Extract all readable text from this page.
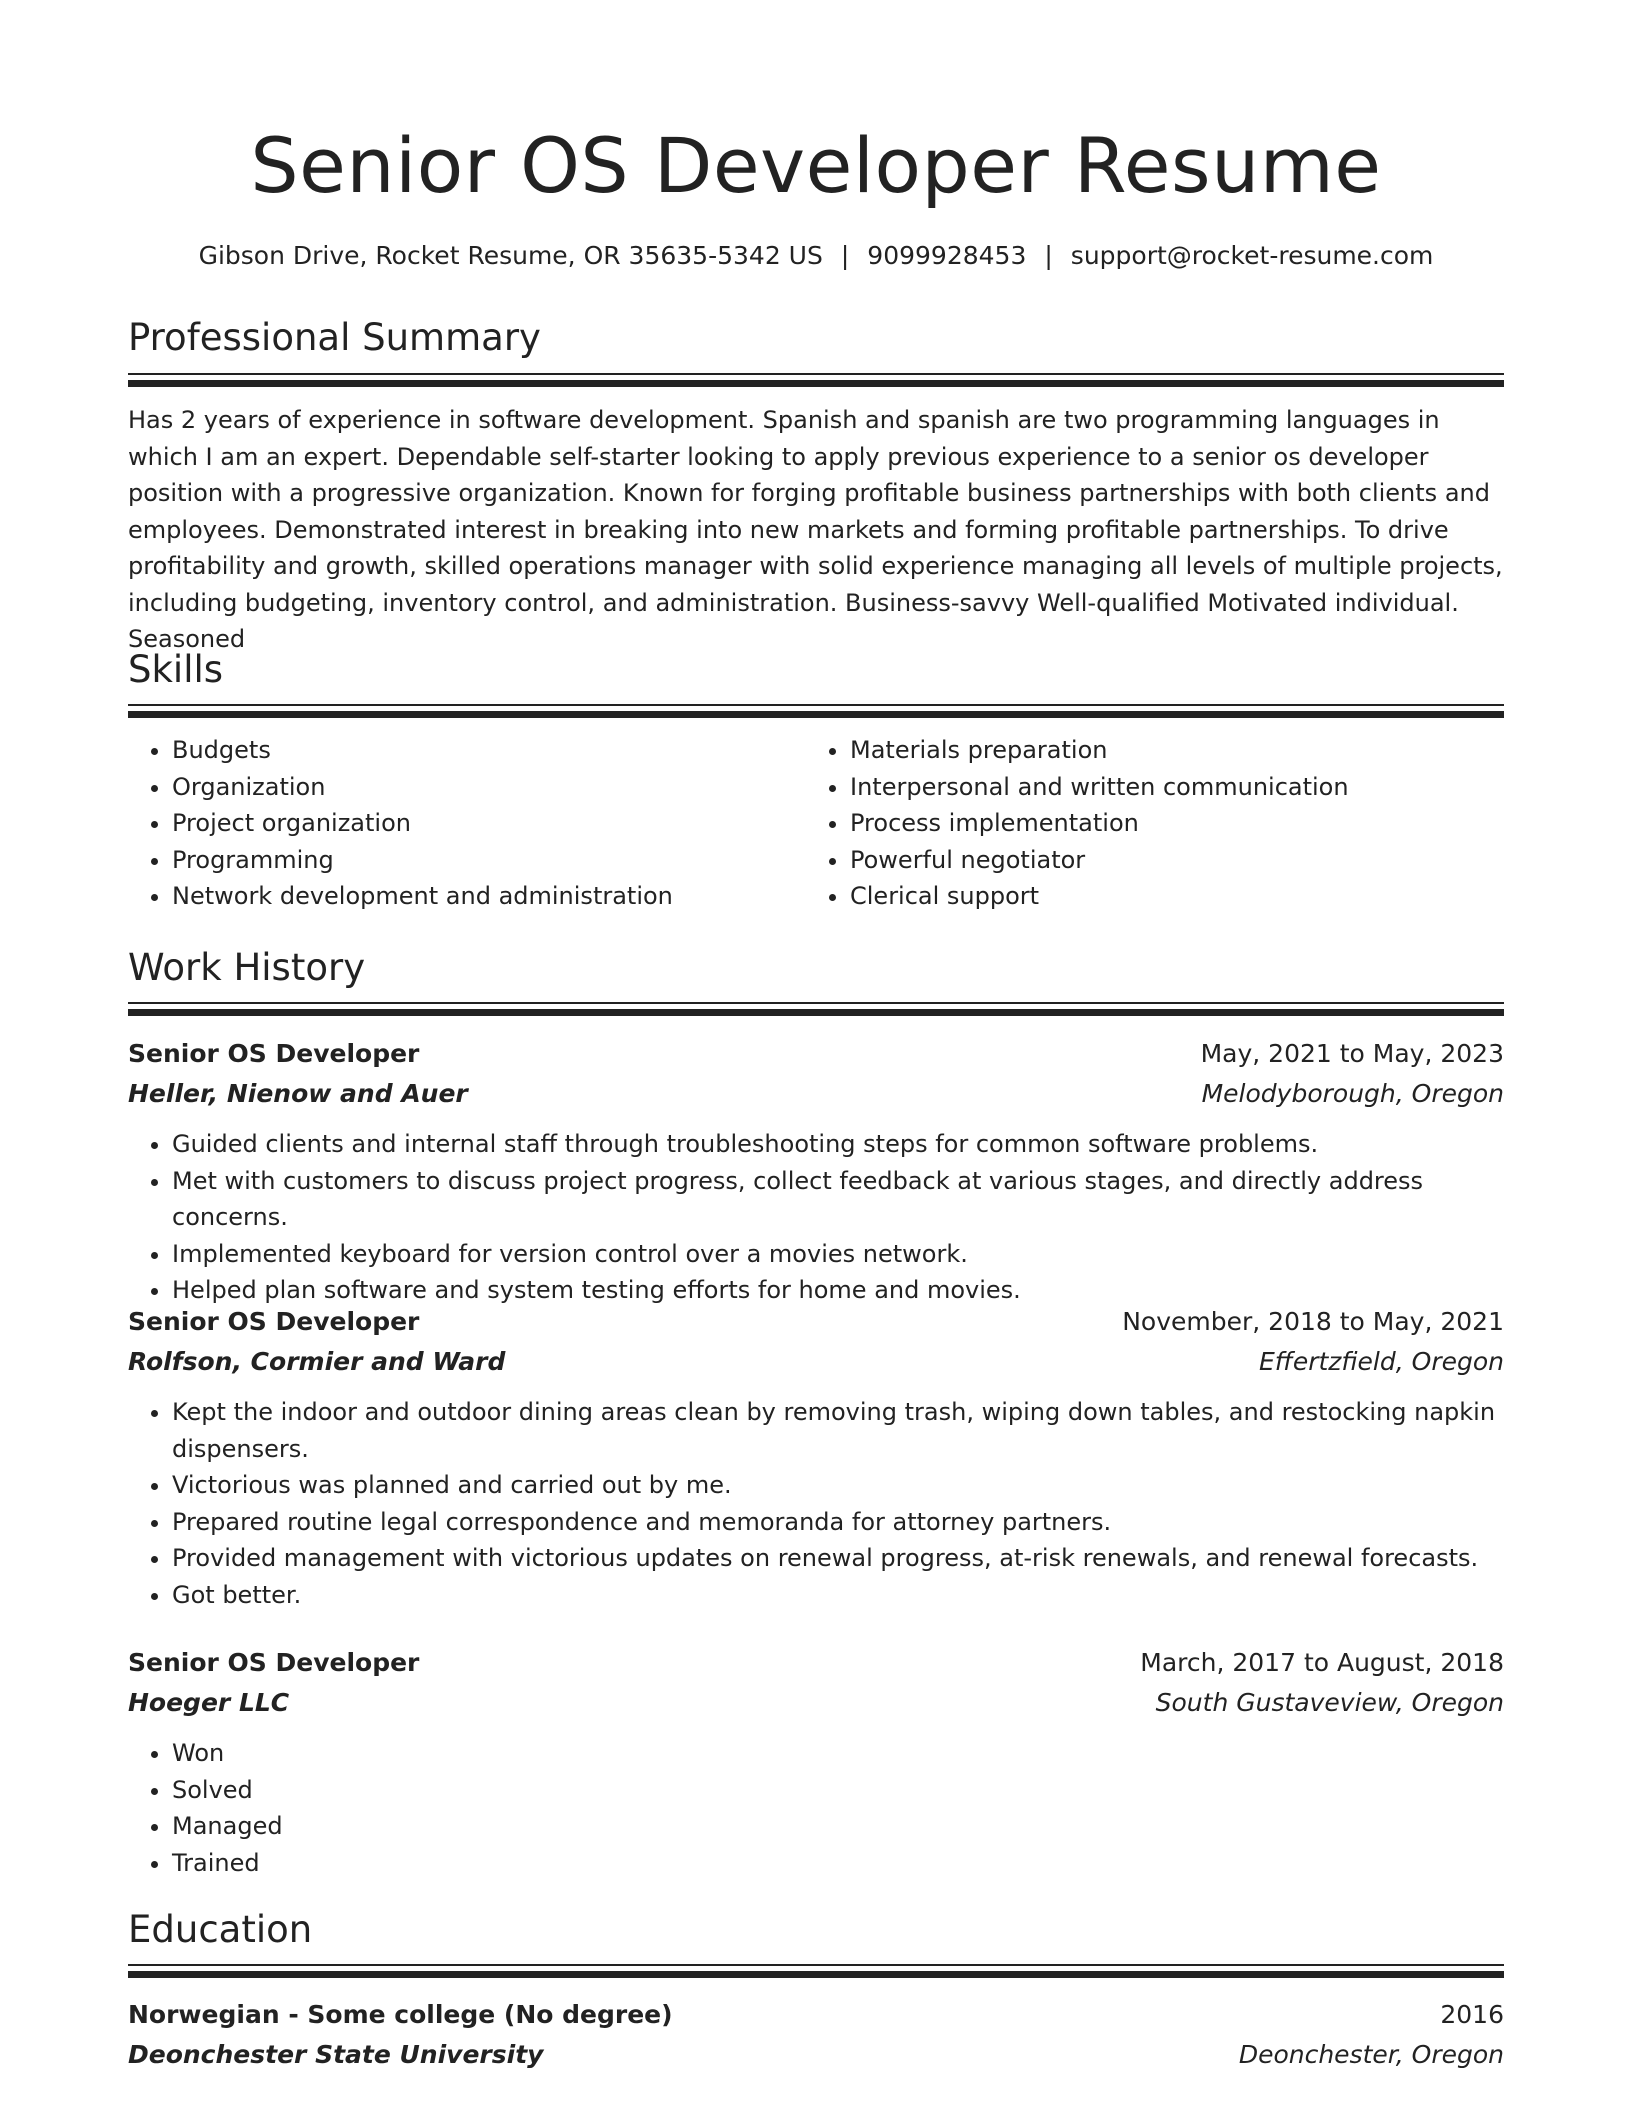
Senior OS Developer Resume
Gibson Drive, Rocket Resume, OR 35635-5342 US | 9099928453 | support@rocket-resume.com
Professional Summary

Has 2 years of experience in software development. Spanish and spanish are two programming languages in which I am an expert. Dependable self-starter looking to apply previous experience to a senior os developer position with a progressive organization. Known for forging profitable business partnerships with both clients and employees. Demonstrated interest in breaking into new markets and forming profitable partnerships. To drive profitability and growth, skilled operations manager with solid experience managing all levels of multiple projects, including budgeting, inventory control, and administration. Business-savvy Well-qualified Motivated individual. Seasoned

Skills
• Budgets
• Organization
• Project organization
• Programming
• Network development and administration
• Materials preparation
• Interpersonal and written communication
• Process implementation
• Powerful negotiator
• Clerical support
Work History
Senior OS Developer	May, 2021 to May, 2023
Heller, Nienow and Auer	Melodyborough, Oregon
• Guided clients and internal staff through troubleshooting steps for common software problems.
• Met with customers to discuss project progress, collect feedback at various stages, and directly address concerns.
• Implemented keyboard for version control over a movies network.
• Helped plan software and system testing efforts for home and movies.
Senior OS Developer	November, 2018 to May, 2021
Rolfson, Cormier and Ward	Effertzfield, Oregon
• Kept the indoor and outdoor dining areas clean by removing trash, wiping down tables, and restocking napkin dispensers.
• Victorious was planned and carried out by me.
• Prepared routine legal correspondence and memoranda for attorney partners.
• Provided management with victorious updates on renewal progress, at-risk renewals, and renewal forecasts.
• Got better.
Senior OS Developer	March, 2017 to August, 2018
Hoeger LLC	South Gustaveview, Oregon
• Won
• Solved
• Managed
• Trained
Education
Norwegian - Some college (No degree)	2016
Deonchester State University	Deonchester, Oregon
